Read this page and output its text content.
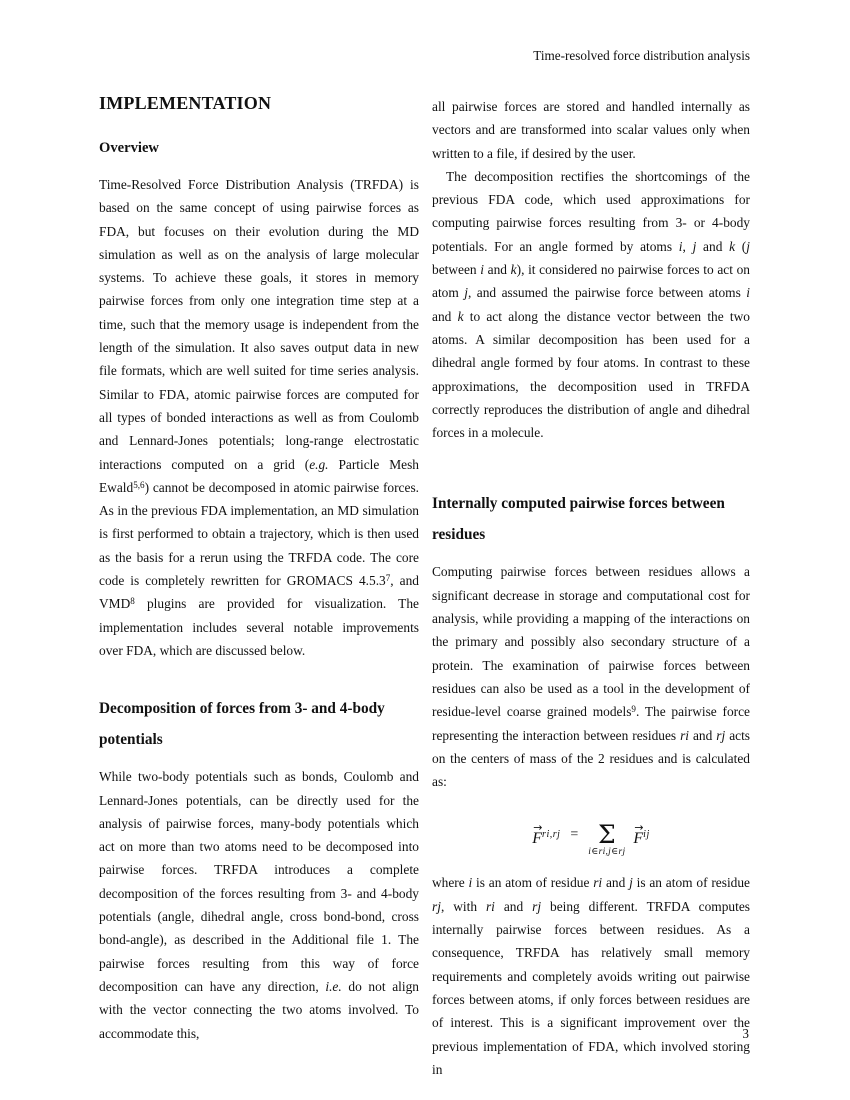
Time-resolved force distribution analysis
IMPLEMENTATION
Overview

Time-Resolved Force Distribution Analysis (TRFDA) is based on the same concept of using pairwise forces as FDA, but focuses on their evolution during the MD simulation as well as on the analysis of large molecular systems. To achieve these goals, it stores in memory pairwise forces from only one integration time step at a time, such that the memory usage is independent from the length of the simulation. It also saves output data in new file formats, which are well suited for time series analysis. Similar to FDA, atomic pairwise forces are computed for all types of bonded interactions as well as from Coulomb and Lennard-Jones potentials; long-range electrostatic interactions computed on a grid (e.g. Particle Mesh Ewald$^{5,6}$) cannot be decomposed in atomic pairwise forces. As in the previous FDA implementation, an MD simulation is first performed to obtain a trajectory, which is then used as the basis for a rerun using the TRFDA code. The core code is completely rewritten for GROMACS 4.5.3$^7$, and VMD$^8$ plugins are provided for visualization. The implementation includes several notable improvements over FDA, which are discussed below.

Decomposition of forces from 3- and 4-body potentials

While two-body potentials such as bonds, Coulomb and Lennard-Jones potentials, can be directly used for the analysis of pairwise forces, many-body potentials which act on more than two atoms need to be decomposed into pairwise forces. TRFDA introduces a complete decomposition of the forces resulting from 3- and 4-body potentials (angle, dihedral angle, cross bond-bond, cross bond-angle), as described in the Additional file 1. The pairwise forces resulting from this way of force decomposition can have any direction, i.e. do not align with the vector connecting the two atoms involved. To accommodate this,

all pairwise forces are stored and handled internally as vectors and are transformed into scalar values only when written to a file, if desired by the user.

The decomposition rectifies the shortcomings of the previous FDA code, which used approximations for computing pairwise forces resulting from 3- or 4-body potentials. For an angle formed by atoms i, j and k (j between i and k), it considered no pairwise forces to act on atom j, and assumed the pairwise force between atoms i and k to act along the distance vector between the two atoms. A similar decomposition has been used for a dihedral angle formed by four atoms. In contrast to these approximations, the decomposition used in TRFDA correctly reproduces the distribution of angle and dihedral forces in a molecule.

Internally computed pairwise forces between residues

Computing pairwise forces between residues allows a significant decrease in storage and computational cost for analysis, while providing a mapping of the interactions on the primary and possibly also secondary structure of a protein. The examination of pairwise forces between residues can also be used as a tool in the development of residue-level coarse grained models$^9$. The pairwise force representing the interaction between residues ri and rj acts on the centers of mass of the 2 residues and is calculated as:

→
F ri,rj = Σ
i∈ri,j∈rj
→
F ij

where i is an atom of residue ri and j is an atom of residue rj, with ri and rj being different. TRFDA computes internally pairwise forces between residues. As a consequence, TRFDA has relatively small memory requirements and completely avoids writing out pairwise forces between atoms, if only forces between residues are of interest. This is a significant improvement over the previous implementation of FDA, which involved storing in

3
